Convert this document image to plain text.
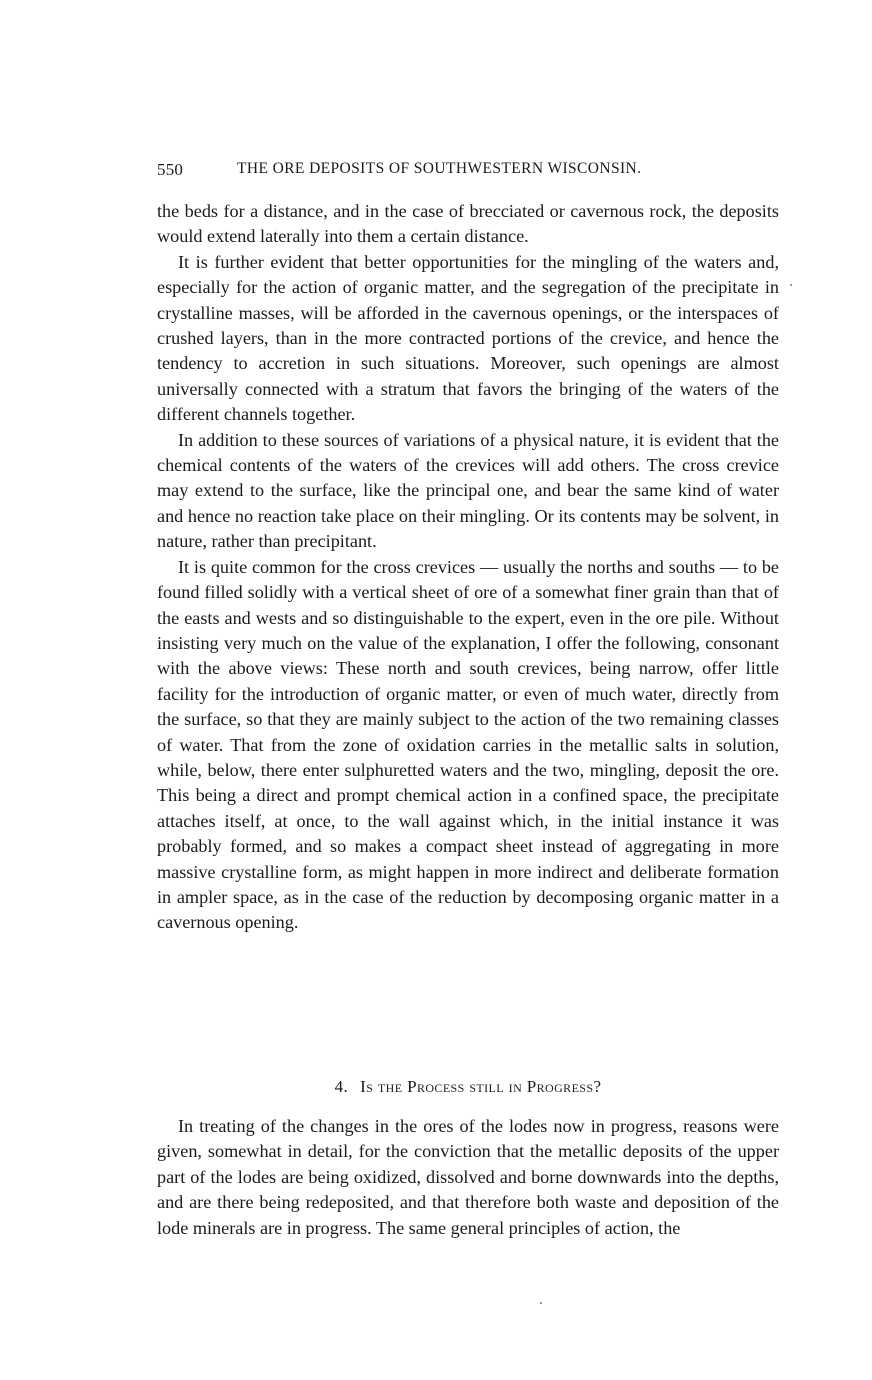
550	THE ORE DEPOSITS OF SOUTHWESTERN WISCONSIN.

the beds for a distance, and in the case of brecciated or cavernous rock, the deposits would extend laterally into them a certain distance.

It is further evident that better opportunities for the mingling of the waters and, especially for the action of organic matter, and the segregation of the precipitate in crystalline masses, will be afforded in the cavernous openings, or the interspaces of crushed layers, than in the more contracted portions of the crevice, and hence the tendency to accretion in such situations. Moreover, such openings are almost universally connected with a stratum that favors the bringing of the waters of the different channels together.

In addition to these sources of variations of a physical nature, it is evident that the chemical contents of the waters of the crevices will add others. The cross crevice may extend to the surface, like the principal one, and bear the same kind of water and hence no reaction take place on their mingling. Or its contents may be solvent, in nature, rather than precipitant.

It is quite common for the cross crevices — usually the norths and souths — to be found filled solidly with a vertical sheet of ore of a somewhat finer grain than that of the easts and wests and so distinguishable to the expert, even in the ore pile. Without insisting very much on the value of the explanation, I offer the following, consonant with the above views: These north and south crevices, being narrow, offer little facility for the introduction of organic matter, or even of much water, directly from the surface, so that they are mainly subject to the action of the two remaining classes of water. That from the zone of oxidation carries in the metallic salts in solution, while, below, there enter sulphuretted waters and the two, mingling, deposit the ore. This being a direct and prompt chemical action in a confined space, the precipitate attaches itself, at once, to the wall against which, in the initial instance it was probably formed, and so makes a compact sheet instead of aggregating in more massive crystalline form, as might happen in more indirect and deliberate formation in ampler space, as in the case of the reduction by decomposing organic matter in a cavernous opening.

4. Is the Process still in Progress?

In treating of the changes in the ores of the lodes now in progress, reasons were given, somewhat in detail, for the conviction that the metallic deposits of the upper part of the lodes are being oxidized, dissolved and borne downwards into the depths, and are there being redeposited, and that therefore both waste and deposition of the lode minerals are in progress. The same general principles of action, the
